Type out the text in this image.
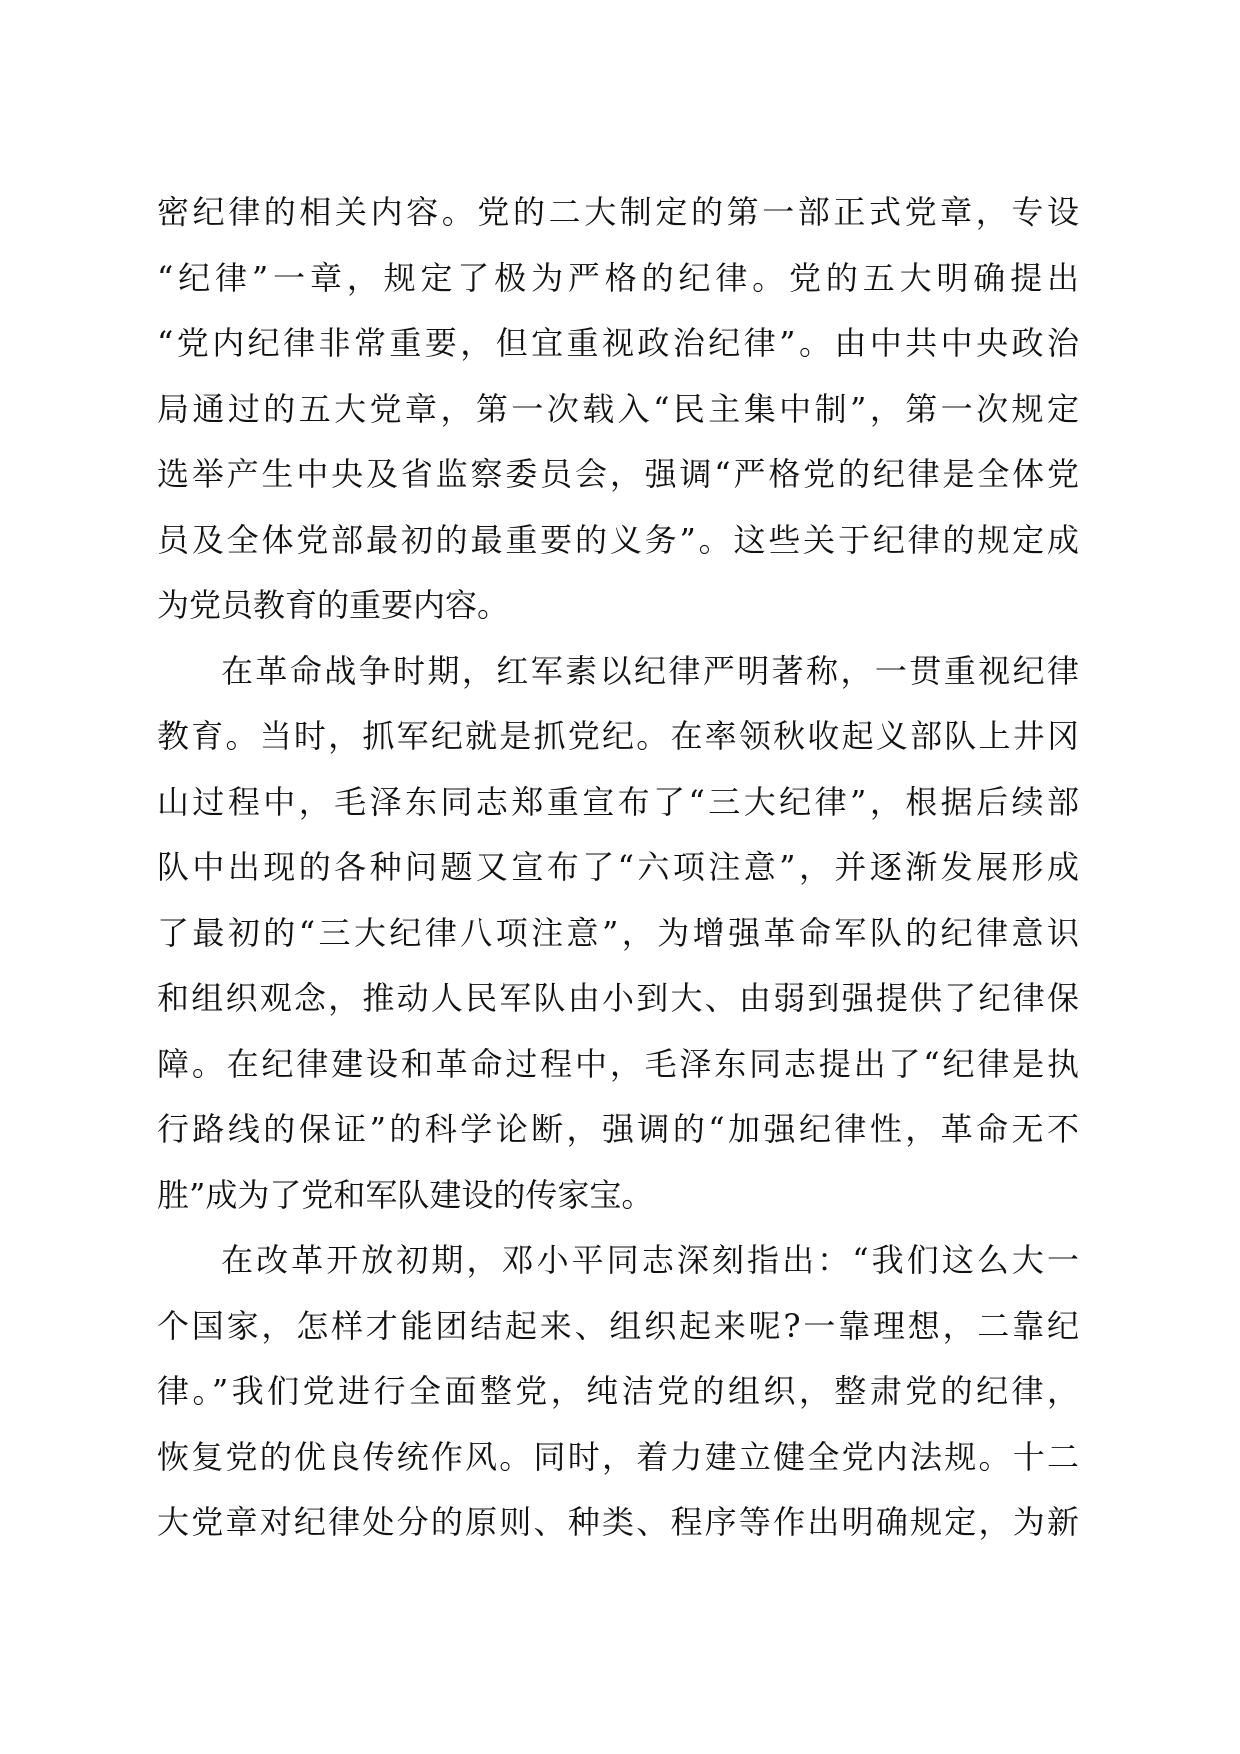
密纪律的相关内容。党的二大制定的第一部正式党章，专设
“纪律”一章，规定了极为严格的纪律。党的五大明确提出
“党内纪律非常重要，但宜重视政治纪律”。由中共中央政治
局通过的五大党章，第一次载入“民主集中制”，第一次规定
选举产生中央及省监察委员会，强调“严格党的纪律是全体党
员及全体党部最初的最重要的义务”。这些关于纪律的规定成
为党员教育的重要内容。
在革命战争时期，红军素以纪律严明著称，一贯重视纪律
教育。当时，抓军纪就是抓党纪。在率领秋收起义部队上井冈
山过程中，毛泽东同志郑重宣布了“三大纪律”，根据后续部
队中出现的各种问题又宣布了“六项注意”，并逐渐发展形成
了最初的“三大纪律八项注意”，为增强革命军队的纪律意识
和组织观念，推动人民军队由小到大、由弱到强提供了纪律保
障。在纪律建设和革命过程中，毛泽东同志提出了“纪律是执
行路线的保证”的科学论断，强调的“加强纪律性，革命无不
胜”成为了党和军队建设的传家宝。
在改革开放初期，邓小平同志深刻指出：“我们这么大一
个国家，怎样才能团结起来、组织起来呢?一靠理想，二靠纪
律。”我们党进行全面整党，纯洁党的组织，整肃党的纪律，
恢复党的优良传统作风。同时，着力建立健全党内法规。十二
大党章对纪律处分的原则、种类、程序等作出明确规定，为新
